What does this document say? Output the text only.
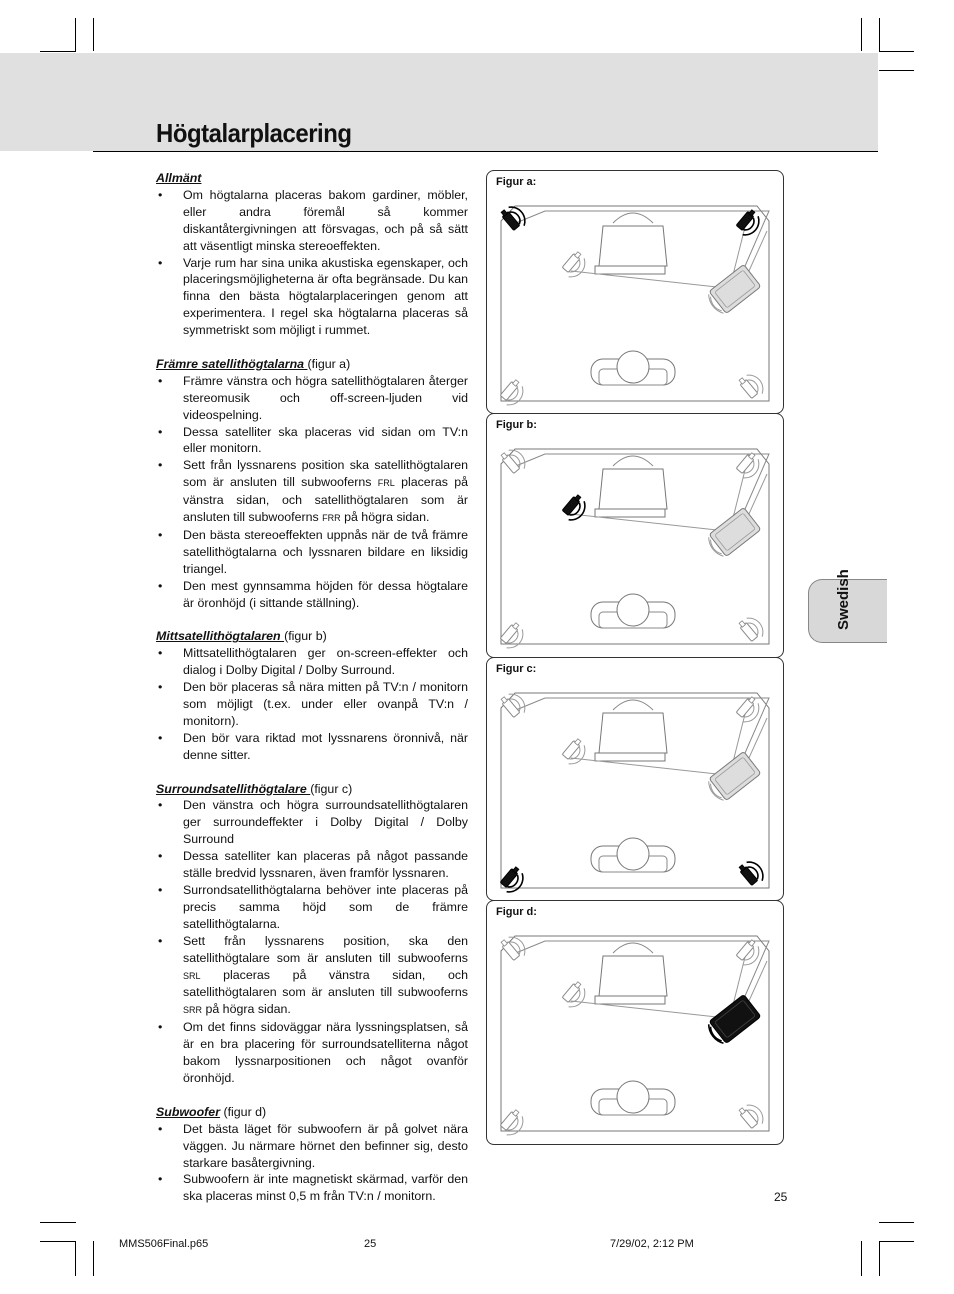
Högtalarplacering
Allmänt
• Om högtalarna placeras bakom gardiner, möbler, eller andra föremål så kommer diskantåtergivningen att försvagas, och på så sätt att väsentligt minska stereoeffekten.
• Varje rum har sina unika akustiska egenskaper, och placeringsmöjligheterna är ofta begränsade. Du kan finna den bästa högtalarplaceringen genom att experimentera. I regel ska högtalarna placeras så symmetriskt som möjligt i rummet.
Främre satellithögtalarna (figur a)
• Främre vänstra och högra satellithögtalaren återger stereomusik och off-screen-ljuden vid videospelning.
• Dessa satelliter ska placeras vid sidan om TV:n eller monitorn.
• Sett från lyssnarens position ska satellithögtalaren som är ansluten till subwooferns FRL placeras på vänstra sidan, och satellithögtalaren som är ansluten till subwooferns FRR på högra sidan.
• Den bästa stereoeffekten uppnås när de två främre satellithögtalarna och lyssnaren bildare en liksidig triangel.
• Den mest gynnsamma höjden för dessa högtalare är öronhöjd (i sittande ställning).
Mittsatellithögtalaren (figur b)
• Mittsatellithögtalaren ger on-screen-effekter och dialog i Dolby Digital / Dolby Surround.
• Den bör placeras så nära mitten på TV:n / monitorn som möjligt (t.ex. under eller ovanpå TV:n / monitorn).
• Den bör vara riktad mot lyssnarens öronnivå, när denne sitter.
Surroundsatellithögtalare (figur c)
• Den vänstra och högra surroundsatellithögtalaren ger surroundeffekter i Dolby Digital / Dolby Surround
• Dessa satelliter kan placeras på något passande ställe bredvid lyssnaren, även framför lyssnaren.
• Surrondsatellithögtalarna behöver inte placeras på precis samma höjd som de främre satellithögtalarna.
• Sett från lyssnarens position, ska den satellithögtalare som är ansluten till subwooferns SRL placeras på vänstra sidan, och satellithögtalaren som är ansluten till subwooferns SRR på högra sidan.
• Om det finns sidoväggar nära lyssningsplatsen, så är en bra placering för surroundsatelliterna något bakom lyssnarpositionen och något ovanför öronhöjd.
Subwoofer (figur d)
• Det bästa läget för subwoofern är på golvet nära väggen. Ju närmare hörnet den befinner sig, desto starkare basåtergivning.
• Subwoofern är inte magnetiskt skärmad, varför den ska placeras minst 0,5 m från TV:n / monitorn.
Swedish
Figur a:
Figur b:
Figur c:
Figur d:
25
MMS506Final.p65	25	7/29/02, 2:12 PM
